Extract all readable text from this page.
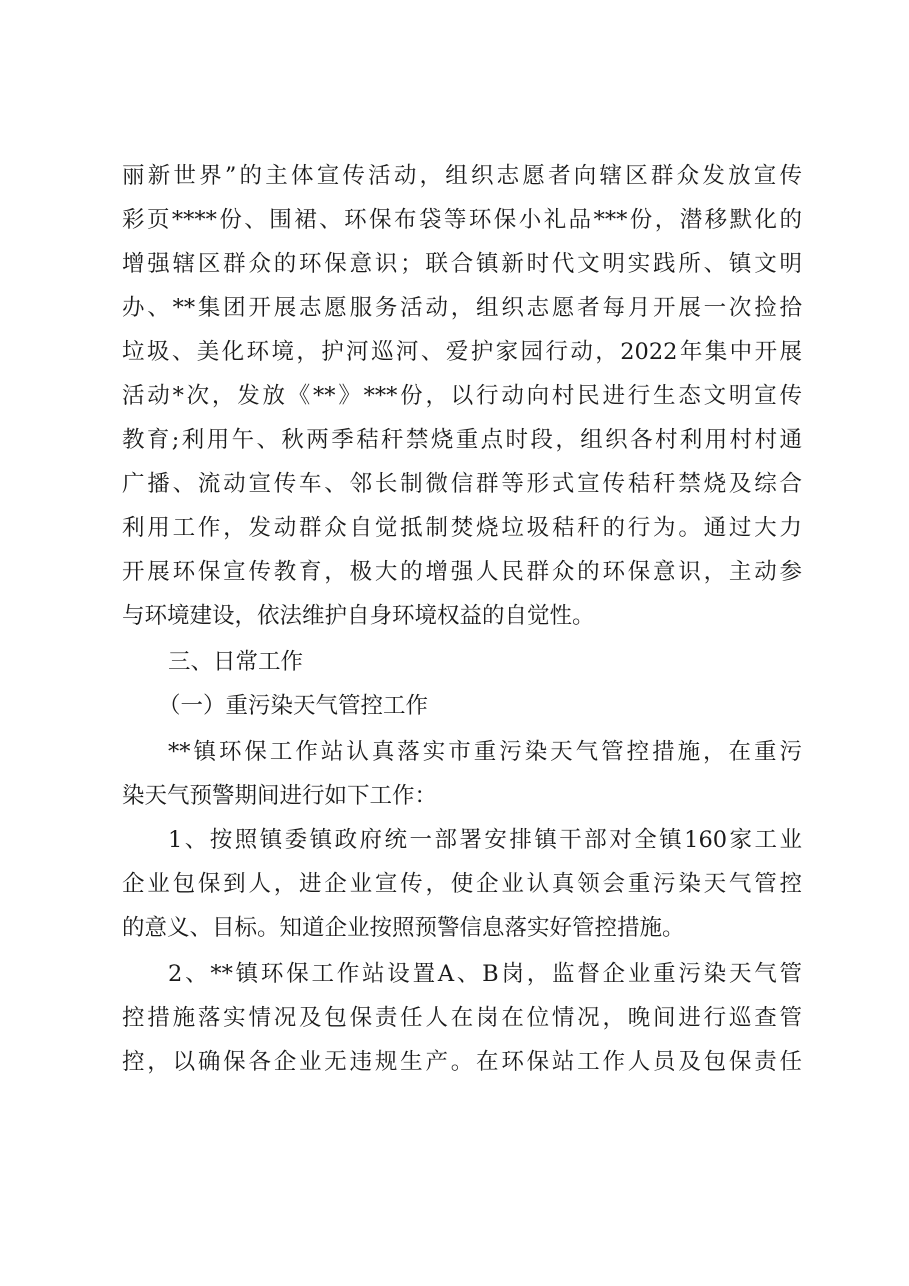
丽新世界”的主体宣传活动，组织志愿者向辖区群众发放宣传
彩页****份、围裙、环保布袋等环保小礼品***份，潜移默化的
增强辖区群众的环保意识；联合镇新时代文明实践所、镇文明
办、**集团开展志愿服务活动，组织志愿者每月开展一次捡拾
垃圾、美化环境，护河巡河、爱护家园行动，2022年集中开展
活动*次，发放《**》***份，以行动向村民进行生态文明宣传
教育;利用午、秋两季秸秆禁烧重点时段，组织各村利用村村通
广播、流动宣传车、邻长制微信群等形式宣传秸秆禁烧及综合
利用工作，发动群众自觉抵制焚烧垃圾秸秆的行为。通过大力
开展环保宣传教育，极大的增强人民群众的环保意识，主动参
与环境建设，依法维护自身环境权益的自觉性。
三、日常工作
（一）重污染天气管控工作
**镇环保工作站认真落实市重污染天气管控措施，在重污
染天气预警期间进行如下工作：
1、按照镇委镇政府统一部署安排镇干部对全镇160家工业
企业包保到人，进企业宣传，使企业认真领会重污染天气管控
的意义、目标。知道企业按照预警信息落实好管控措施。
2、**镇环保工作站设置A、B岗，监督企业重污染天气管
控措施落实情况及包保责任人在岗在位情况，晚间进行巡查管
控，以确保各企业无违规生产。在环保站工作人员及包保责任
